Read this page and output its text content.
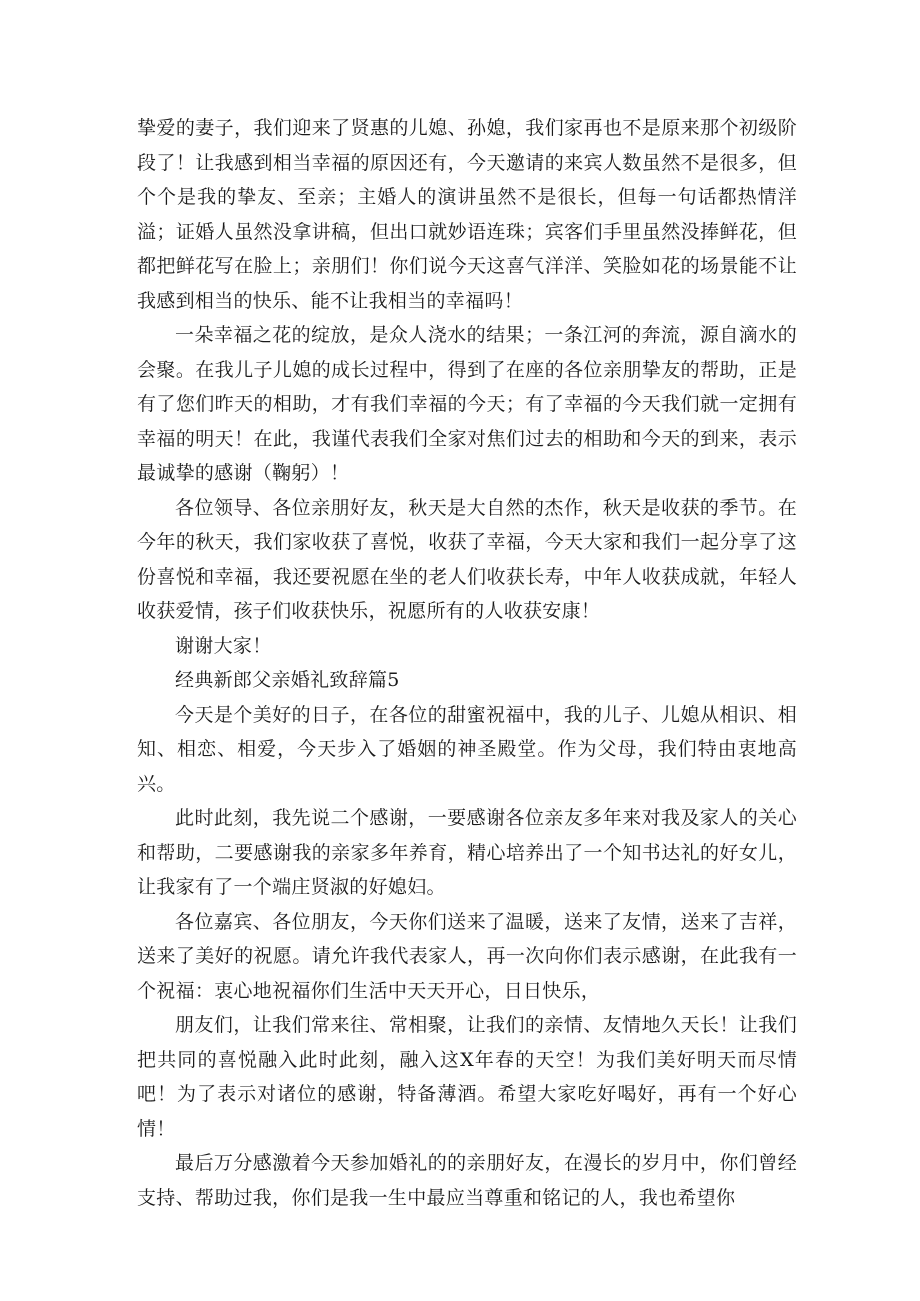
挚爱的妻子，我们迎来了贤惠的儿媳、孙媳，我们家再也不是原来那个初级阶段了！让我感到相当幸福的原因还有，今天邀请的来宾人数虽然不是很多，但个个是我的挚友、至亲；主婚人的演讲虽然不是很长，但每一句话都热情洋溢；证婚人虽然没拿讲稿，但出口就妙语连珠；宾客们手里虽然没捧鲜花，但都把鲜花写在脸上；亲朋们！你们说今天这喜气洋洋、笑脸如花的场景能不让我感到相当的快乐、能不让我相当的幸福吗！

一朵幸福之花的绽放，是众人浇水的结果；一条江河的奔流，源自滴水的会聚。在我儿子儿媳的成长过程中，得到了在座的各位亲朋挚友的帮助，正是有了您们昨天的相助，才有我们幸福的今天；有了幸福的今天我们就一定拥有幸福的明天！在此，我谨代表我们全家对焦们过去的相助和今天的到来，表示最诚挚的感谢（鞠躬）！

各位领导、各位亲朋好友，秋天是大自然的杰作，秋天是收获的季节。在今年的秋天，我们家收获了喜悦，收获了幸福，今天大家和我们一起分享了这份喜悦和幸福，我还要祝愿在坐的老人们收获长寿，中年人收获成就，年轻人收获爱情，孩子们收获快乐，祝愿所有的人收获安康！

谢谢大家！

经典新郎父亲婚礼致辞篇5

今天是个美好的日子，在各位的甜蜜祝福中，我的儿子、儿媳从相识、相知、相恋、相爱，今天步入了婚姻的神圣殿堂。作为父母，我们特由衷地高兴。

此时此刻，我先说二个感谢，一要感谢各位亲友多年来对我及家人的关心和帮助，二要感谢我的亲家多年养育，精心培养出了一个知书达礼的好女儿，让我家有了一个端庄贤淑的好媳妇。

各位嘉宾、各位朋友，今天你们送来了温暖，送来了友情，送来了吉祥，送来了美好的祝愿。请允许我代表家人，再一次向你们表示感谢，在此我有一个祝福：衷心地祝福你们生活中天天开心，日日快乐，

朋友们，让我们常来往、常相聚，让我们的亲情、友情地久天长！让我们把共同的喜悦融入此时此刻，融入这X年春的天空！为我们美好明天而尽情吧！为了表示对诸位的感谢，特备薄酒。希望大家吃好喝好，再有一个好心情！

最后万分感激着今天参加婚礼的的亲朋好友，在漫长的岁月中，你们曾经支持、帮助过我，你们是我一生中最应当尊重和铭记的人，我也希望你
